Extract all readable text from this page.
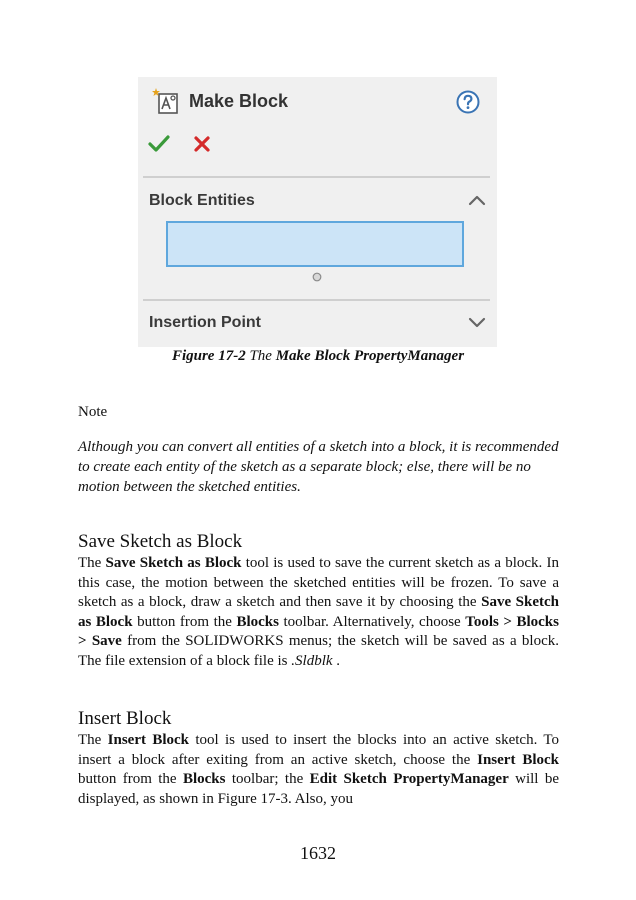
Make Block
Block Entities
Insertion Point
Figure 17-2 The Make Block PropertyManager
Note

Although you can convert all entities of a sketch into a block, it is recommended to create each entity of the sketch as a separate block; else, there will be no motion between the sketched entities.

Save Sketch as Block

The Save Sketch as Block tool is used to save the current sketch as a block. In this case, the motion between the sketched entities will be frozen. To save a sketch as a block, draw a sketch and then save it by choosing the Save Sketch as Block button from the Blocks toolbar. Alternatively, choose Tools > Blocks > Save from the SOLIDWORKS menus; the sketch will be saved as a block. The file extension of a block file is .Sldblk .

Insert Block

The Insert Block tool is used to insert the blocks into an active sketch. To insert a block after exiting from an active sketch, choose the Insert Block button from the Blocks toolbar; the Edit Sketch PropertyManager will be displayed, as shown in Figure 17-3. Also, you

1632
